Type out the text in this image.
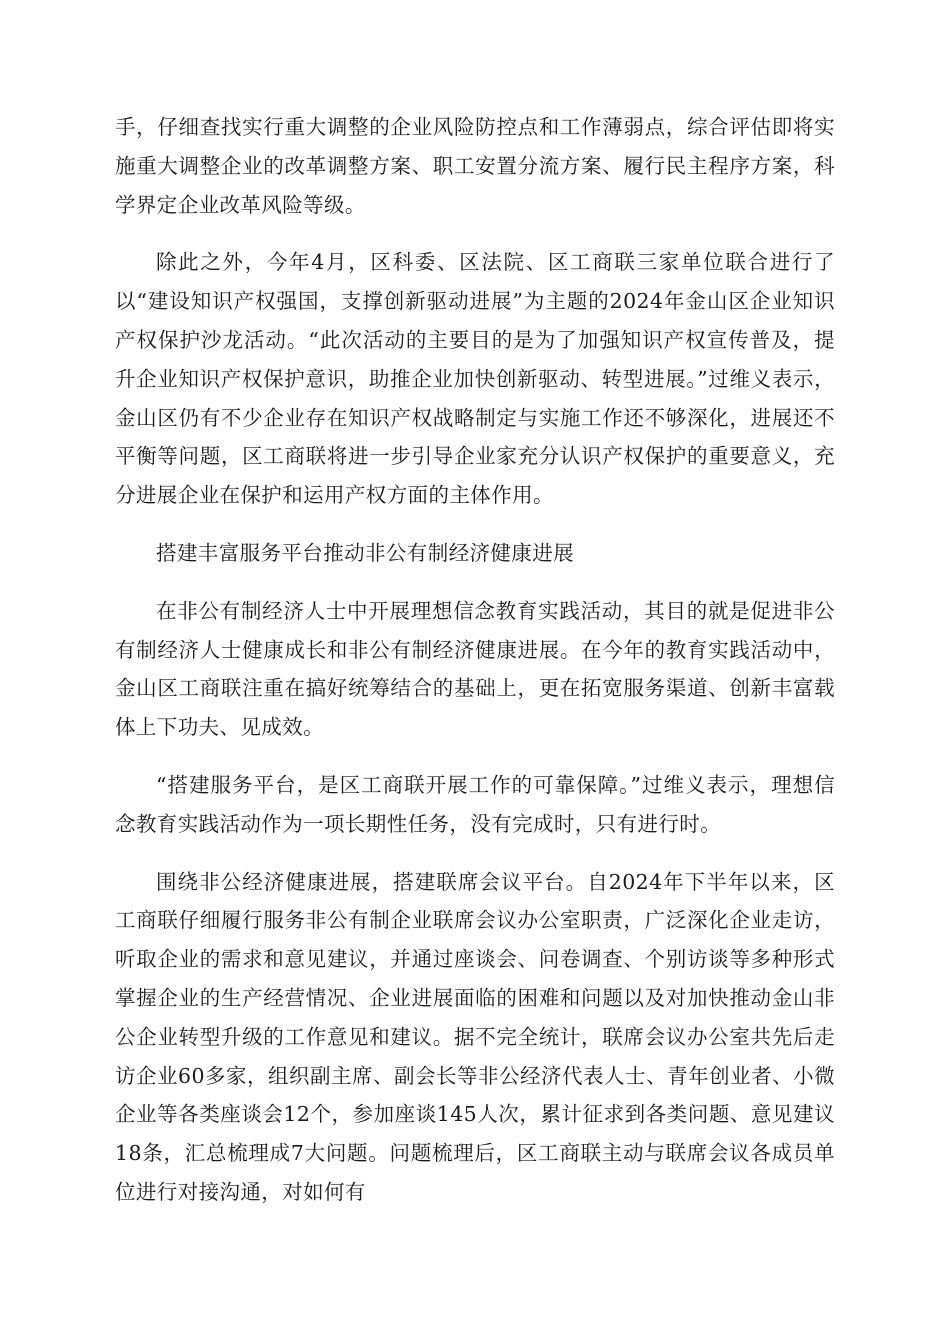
手，仔细查找实行重大调整的企业风险防控点和工作薄弱点，综合评估即将实施重大调整企业的改革调整方案、职工安置分流方案、履行民主程序方案，科学界定企业改革风险等级。

除此之外，今年4月，区科委、区法院、区工商联三家单位联合进行了以“建设知识产权强国，支撑创新驱动进展”为主题的2024年金山区企业知识产权保护沙龙活动。“此次活动的主要目的是为了加强知识产权宣传普及，提升企业知识产权保护意识，助推企业加快创新驱动、转型进展。”过维义表示，金山区仍有不少企业存在知识产权战略制定与实施工作还不够深化，进展还不平衡等问题，区工商联将进一步引导企业家充分认识产权保护的重要意义，充分进展企业在保护和运用产权方面的主体作用。

搭建丰富服务平台推动非公有制经济健康进展

在非公有制经济人士中开展理想信念教育实践活动，其目的就是促进非公有制经济人士健康成长和非公有制经济健康进展。在今年的教育实践活动中，金山区工商联注重在搞好统筹结合的基础上，更在拓宽服务渠道、创新丰富载体上下功夫、见成效。

“搭建服务平台，是区工商联开展工作的可靠保障。”过维义表示，理想信念教育实践活动作为一项长期性任务，没有完成时，只有进行时。

围绕非公经济健康进展，搭建联席会议平台。自2024年下半年以来，区工商联仔细履行服务非公有制企业联席会议办公室职责，广泛深化企业走访，听取企业的需求和意见建议，并通过座谈会、问卷调查、个别访谈等多种形式掌握企业的生产经营情况、企业进展面临的困难和问题以及对加快推动金山非公企业转型升级的工作意见和建议。据不完全统计，联席会议办公室共先后走访企业60多家，组织副主席、副会长等非公经济代表人士、青年创业者、小微企业等各类座谈会12个，参加座谈145人次，累计征求到各类问题、意见建议18条，汇总梳理成7大问题。问题梳理后，区工商联主动与联席会议各成员单位进行对接沟通，对如何有
